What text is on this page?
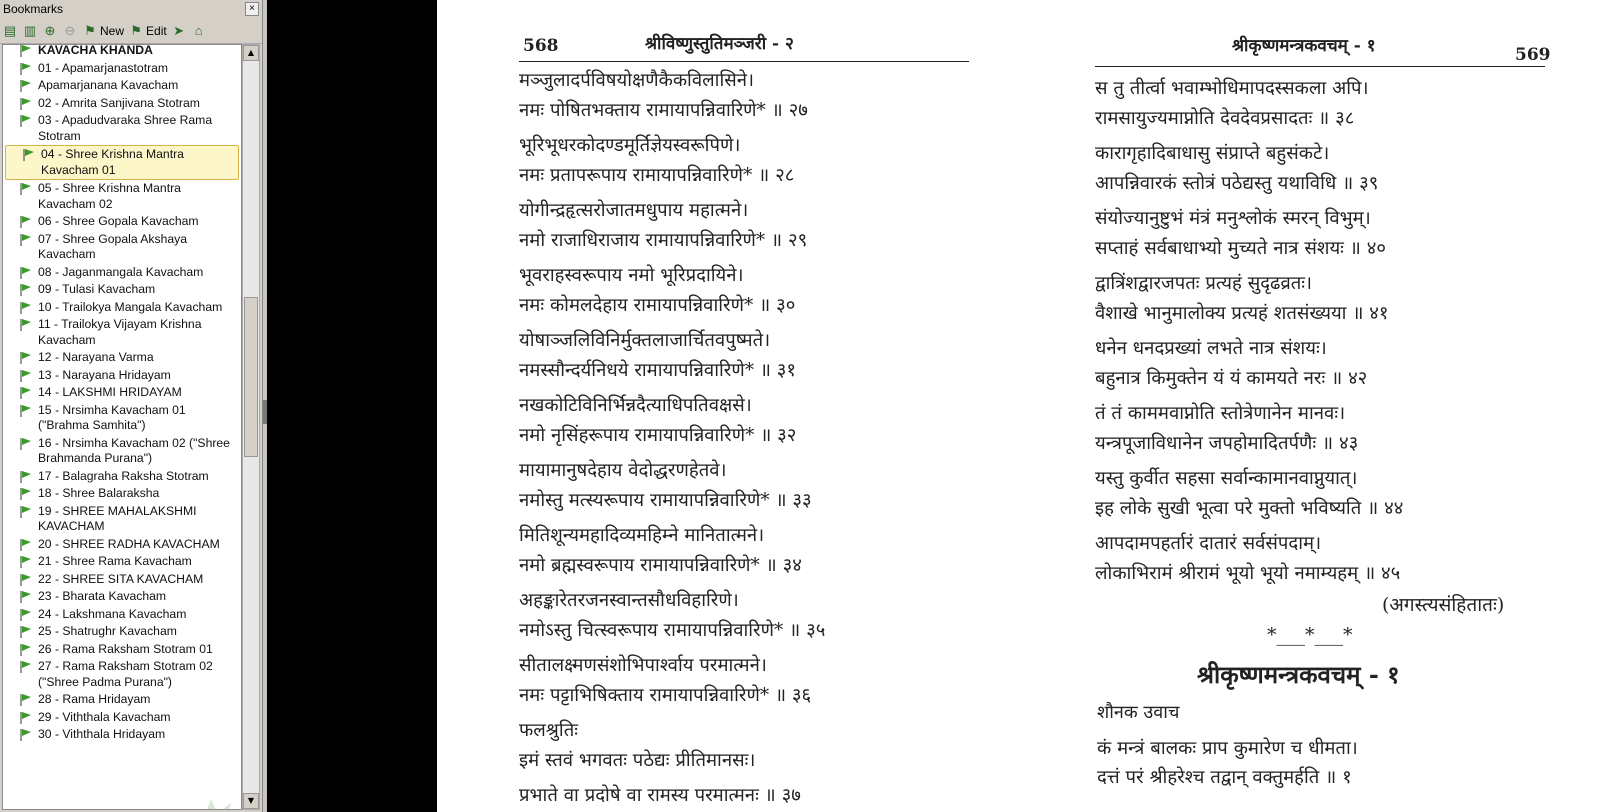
Bookmarks	×
▤ ▥ ⊕ ⊖ ⚑ New ⚑ Edit ➤ ⌂
KAVACHA KHANDA
01 - Apamarjanastotram
Apamarjanana Kavacham
02 - Amrita Sanjivana Stotram
03 - Apadudvaraka Shree Rama Stotram
04 - Shree Krishna Mantra Kavacham 01
05 - Shree Krishna Mantra Kavacham 02
06 - Shree Gopala Kavacham
07 - Shree Gopala Akshaya Kavacham
08 - Jaganmangala Kavacham
09 - Tulasi Kavacham
10 - Trailokya Mangala Kavacham
11 - Trailokya Vijayam Krishna Kavacham
12 - Narayana Varma
13 - Narayana Hridayam
14 - LAKSHMI HRIDAYAM
15 - Nrsimha Kavacham 01 ("Brahma Samhita")
16 - Nrsimha Kavacham 02 ("Shree Brahmanda Purana")
17 - Balagraha Raksha Stotram
18 - Shree Balaraksha
19 - SHREE MAHALAKSHMI KAVACHAM
20 - SHREE RADHA KAVACHAM
21 - Shree Rama Kavacham
22 - SHREE SITA KAVACHAM
23 - Bharata Kavacham
24 - Lakshmana Kavacham
25 - Shatrughr Kavacham
26 - Rama Raksham Stotram 01
27 - Rama Raksham Stotram 02 ("Shree Padma Purana")
28 - Rama Hridayam
29 - Viththala Kavacham
30 - Viththala Hridayam
▲
▼
568	श्रीविष्णुस्तुतिमञ्जरी - २
मञ्जुलादर्पविषयोक्षणैकैकविलासिने।
नमः पोषितभक्ताय रामायापन्निवारिणे* ॥ २७
भूरिभूधरकोदण्डमूर्तिज्ञेयस्वरूपिणे।
नमः प्रतापरूपाय रामायापन्निवारिणे* ॥ २८
योगीन्द्रहृत्सरोजातमधुपाय महात्मने।
नमो राजाधिराजाय रामायापन्निवारिणे* ॥ २९
भूवराहस्वरूपाय नमो भूरिप्रदायिने।
नमः कोमलदेहाय रामायापन्निवारिणे* ॥ ३०
योषाञ्जलिविनिर्मुक्तलाजार्चितवपुष्मते।
नमस्सौन्दर्यनिधये रामायापन्निवारिणे* ॥ ३१
नखकोटिविनिर्भिन्नदैत्याधिपतिवक्षसे।
नमो नृसिंहरूपाय रामायापन्निवारिणे* ॥ ३२
मायामानुषदेहाय वेदोद्धरणहेतवे।
नमोस्तु मत्स्यरूपाय रामायापन्निवारिणे* ॥ ३३
मितिशून्यमहादिव्यमहिम्ने मानितात्मने।
नमो ब्रह्मस्वरूपाय रामायापन्निवारिणे* ॥ ३४
अहङ्कारेतरजनस्वान्तसौधविहारिणे।
नमोऽस्तु चित्स्वरूपाय रामायापन्निवारिणे* ॥ ३५
सीतालक्ष्मणसंशोभिपार्श्वाय परमात्मने।
नमः पट्टाभिषिक्ताय रामायापन्निवारिणे* ॥ ३६
फलश्रुतिः
इमं स्तवं भगवतः पठेद्यः प्रीतिमानसः।
प्रभाते वा प्रदोषे वा रामस्य परमात्मनः ॥ ३७
श्रीकृष्णमन्त्रकवचम् - १	569
स तु तीर्त्वा भवाम्भोधिमापदस्सकला अपि।
रामसायुज्यमाप्नोति देवदेवप्रसादतः ॥ ३८
कारागृहादिबाधासु संप्राप्ते बहुसंकटे।
आपन्निवारकं स्तोत्रं पठेद्यस्तु यथाविधि ॥ ३९
संयोज्यानुष्टुभं मंत्रं मनुश्लोकं स्मरन् विभुम्।
सप्ताहं सर्वबाधाभ्यो मुच्यते नात्र संशयः ॥ ४०
द्वात्रिंशद्वारजपतः प्रत्यहं सुदृढव्रतः।
वैशाखे भानुमालोक्य प्रत्यहं शतसंख्यया ॥ ४१
धनेन धनदप्रख्यां लभते नात्र संशयः।
बहुनात्र किमुक्तेन यं यं कामयते नरः ॥ ४२
तं तं काममवाप्नोति स्तोत्रेणानेन मानवः।
यन्त्रपूजाविधानेन जपहोमादितर्पणैः ॥ ४३
यस्तु कुर्वीत सहसा सर्वान्कामानवाप्नुयात्।
इह लोके सुखी भूत्वा परे मुक्तो भविष्यति ॥ ४४
आपदामपहर्तारं दातारं सर्वसंपदाम्।
लोकाभिरामं श्रीरामं भूयो भूयो नमाम्यहम् ॥ ४५
(अगस्त्यसंहितातः)
*___*___*
श्रीकृष्णमन्त्रकवचम् - १
शौनक उवाच
कं मन्त्रं बालकः प्राप कुमारेण च धीमता।
दत्तं परं श्रीहरेश्च तद्वान् वक्तुमर्हति ॥ १
